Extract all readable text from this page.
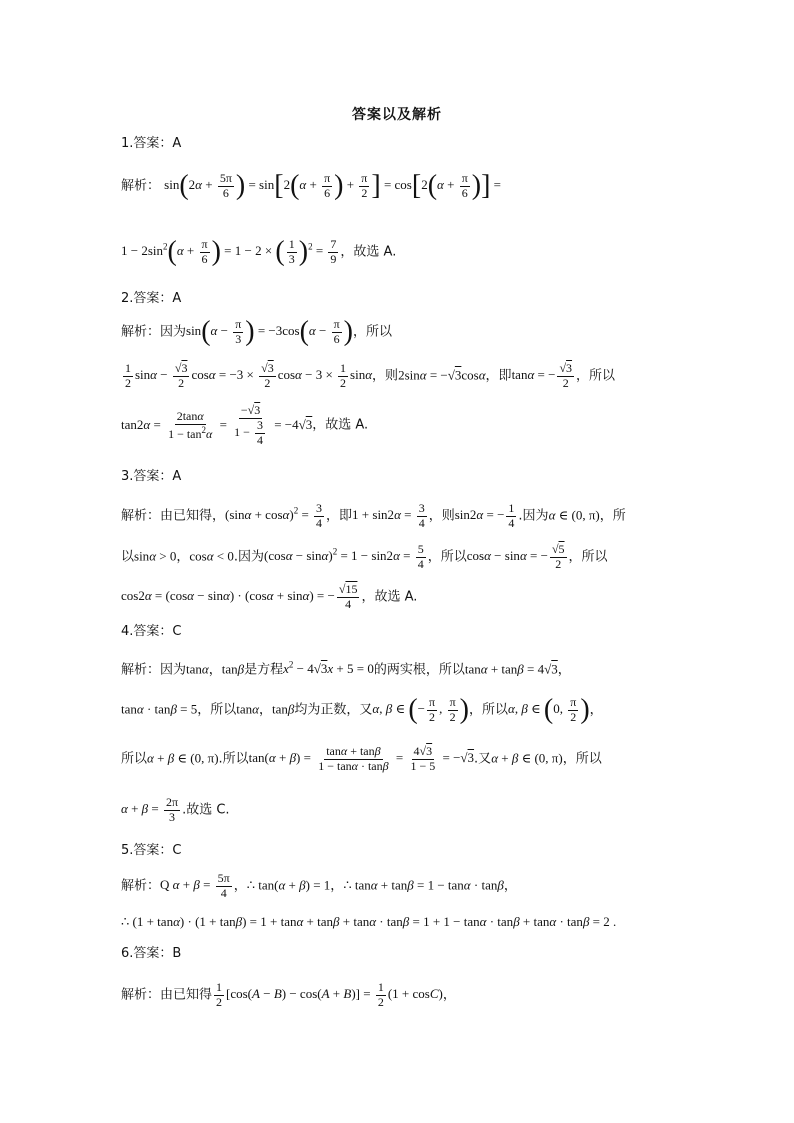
答案以及解析
1.答案：A
解析： $\sin(2\alpha + \frac{5\pi}{6}$ ) = $\sin[2(\alpha + \frac{\pi}{6}$ ) + $\frac{\pi}{2}$ ] = $\cos[2(\alpha + \frac{\pi}{6}$ )] =
$1 - 2\sin^2(\alpha + \frac{\pi}{6}$ ) = 1 − 2 × ( $\frac{1}{3} )^2 = \frac{7}{9}$ ，故选 A.
2.答案：A
解析：因为$\sin(\alpha - \frac{\pi}{3}$ ) = $-3\cos(\alpha - \frac{\pi}{6}$ )，所以
$\frac{1}{2}$ $\sin\alpha - \frac{√3}{2}$ $\cos\alpha = -3 \times \frac{√3}{2}$ $\cos\alpha - 3 \times \frac{1}{2}$ sinα，则2sinα = −√3cosα，即tanα = − $\frac{√3}{2}$ ，所以
$\tan 2\alpha = \frac{2\tan\alpha}{1 - \tan^2\alpha} = \frac{-√3}{1 - \frac{3}{4}} = -4√3$，故选 A.
3.答案：A
解析：由已知得，$(\sin\alpha + \cos\alpha)^2 = \frac{3}{4}$ ，即$1 + \sin 2\alpha = \frac{3}{4}$ ，则sin2α = − $\frac{1}{4}$ .因为α ∈ (0, π)，所
以sinα > 0，cosα < 0.因为$(\cos\alpha - \sin\alpha)^2 = 1 - \sin 2\alpha = \frac{5}{4}$ ，所以cosα − sinα = − $\frac{√5}{2}$ ，所以
cos2α = (cosα − sinα) · (cosα + sinα) = − $\frac{√15}{4}$ ，故选 A.
4.答案：C
解析：因为tanα，tanβ是方程$x^2 - 4√3x + 5 = 0$的两实根，所以tanα + tanβ = 4√3，
tanα · tanβ = 5，所以tanα，tanβ均为正数，又α, β ∈ (− $\frac{\pi}{2}$ , $\frac{\pi}{2}$ )，所以α, β ∈ (0, $\frac{\pi}{2}$ )，
所以α + β ∈ (0, π).所以$\tan(\alpha + \beta) = \frac{\tan\alpha + \tan\beta}{1 - \tan\alpha \cdot \tan\beta} = \frac{4√3}{1 - 5} = -√3$.又α + β ∈ (0, π)，所以
$\alpha + \beta = \frac{2\pi}{3}$ .故选 C.
5.答案：C
解析：Q $\alpha + \beta = \frac{5\pi}{4}$ ，∴ tan(α + β) = 1，∴ tanα + tanβ = 1 − tanα · tanβ，
∴ (1 + tanα) · (1 + tanβ) = 1 + tanα + tanβ + tanα · tanβ = 1 + 1 − tanα · tanβ + tanα · tanβ = 2 .
6.答案：B
解析：由已知得 $\frac{1}{2} [\cos(A - B) - \cos(A + B)] = \frac{1}{2} (1 + \cos C)$，
